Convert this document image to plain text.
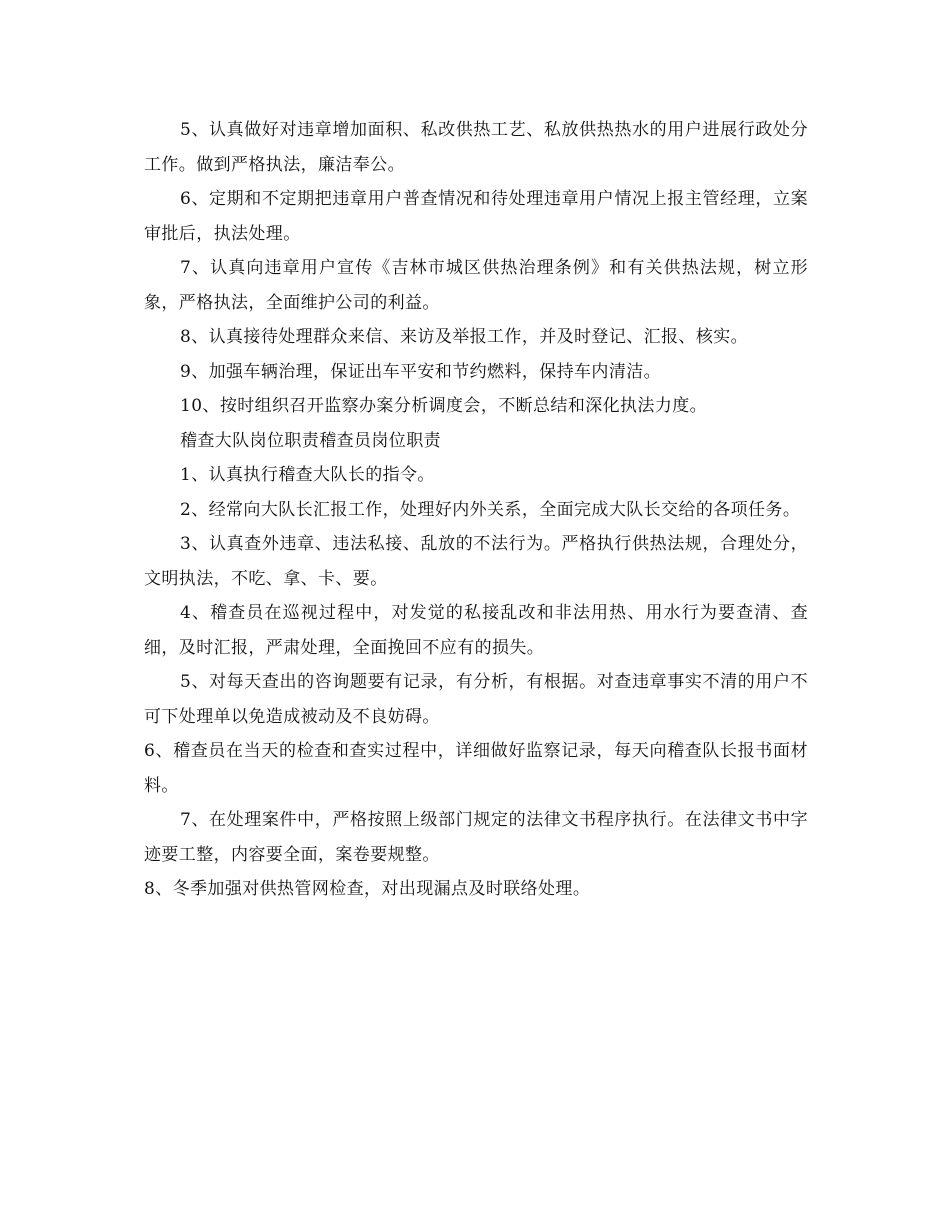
5、认真做好对违章增加面积、私改供热工艺、私放供热热水的用户进展行政处分工作。做到严格执法，廉洁奉公。

6、定期和不定期把违章用户普查情况和待处理违章用户情况上报主管经理，立案审批后，执法处理。

7、认真向违章用户宣传《吉林市城区供热治理条例》和有关供热法规，树立形象，严格执法，全面维护公司的利益。

8、认真接待处理群众来信、来访及举报工作，并及时登记、汇报、核实。

9、加强车辆治理，保证出车平安和节约燃料，保持车内清洁。

10、按时组织召开监察办案分析调度会，不断总结和深化执法力度。

稽查大队岗位职责稽查员岗位职责

1、认真执行稽查大队长的指令。

2、经常向大队长汇报工作，处理好内外关系，全面完成大队长交给的各项任务。

3、认真查外违章、违法私接、乱放的不法行为。严格执行供热法规，合理处分，文明执法，不吃、拿、卡、要。

4、稽查员在巡视过程中，对发觉的私接乱改和非法用热、用水行为要查清、查细，及时汇报，严肃处理，全面挽回不应有的损失。

5、对每天查出的咨询题要有记录，有分析，有根据。对查违章事实不清的用户不可下处理单以免造成被动及不良妨碍。

6、稽查员在当天的检查和查实过程中，详细做好监察记录，每天向稽查队长报书面材料。

7、在处理案件中，严格按照上级部门规定的法律文书程序执行。在法律文书中字迹要工整，内容要全面，案卷要规整。

8、冬季加强对供热管网检查，对出现漏点及时联络处理。
